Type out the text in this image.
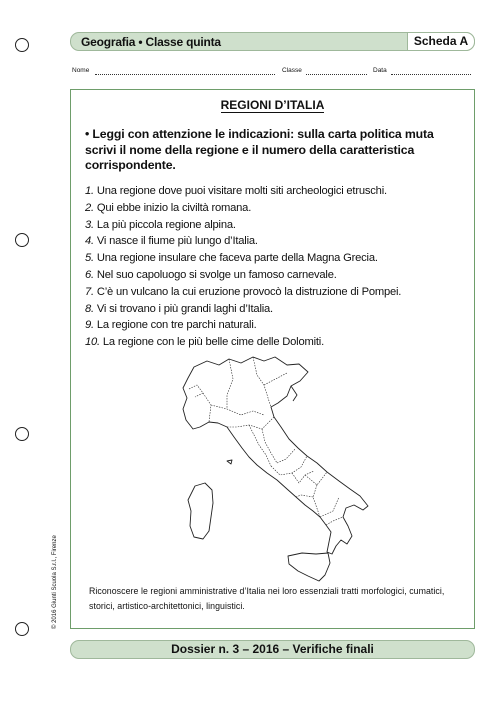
Geografia • Classe quinta	Scheda A
Nome	Classe	Data
REGIONI D’ITALIA
• Leggi con attenzione le indicazioni: sulla carta politica muta scrivi il nome della regione e il numero della caratteristica corrispondente.
1. Una regione dove puoi visitare molti siti archeologici etruschi.
2. Qui ebbe inizio la civiltà romana.
3. La più piccola regione alpina.
4. Vi nasce il fiume più lungo d’Italia.
5. Una regione insulare che faceva parte della Magna Grecia.
6. Nel suo capoluogo si svolge un famoso carnevale.
7. C’è un vulcano la cui eruzione provocò la distruzione di Pompei.
8. Vi si trovano i più grandi laghi d’Italia.
9. La regione con tre parchi naturali.
10. La regione con le più belle cime delle Dolomiti.
Riconoscere le regioni amministrative d’Italia nei loro essenziali tratti morfologici, cumatici, storici, artistico-architettonici, linguistici.
Dossier n. 3 – 2016 – Verifiche finali
© 2016 Giunti Scuola S.r.l., Firenze
